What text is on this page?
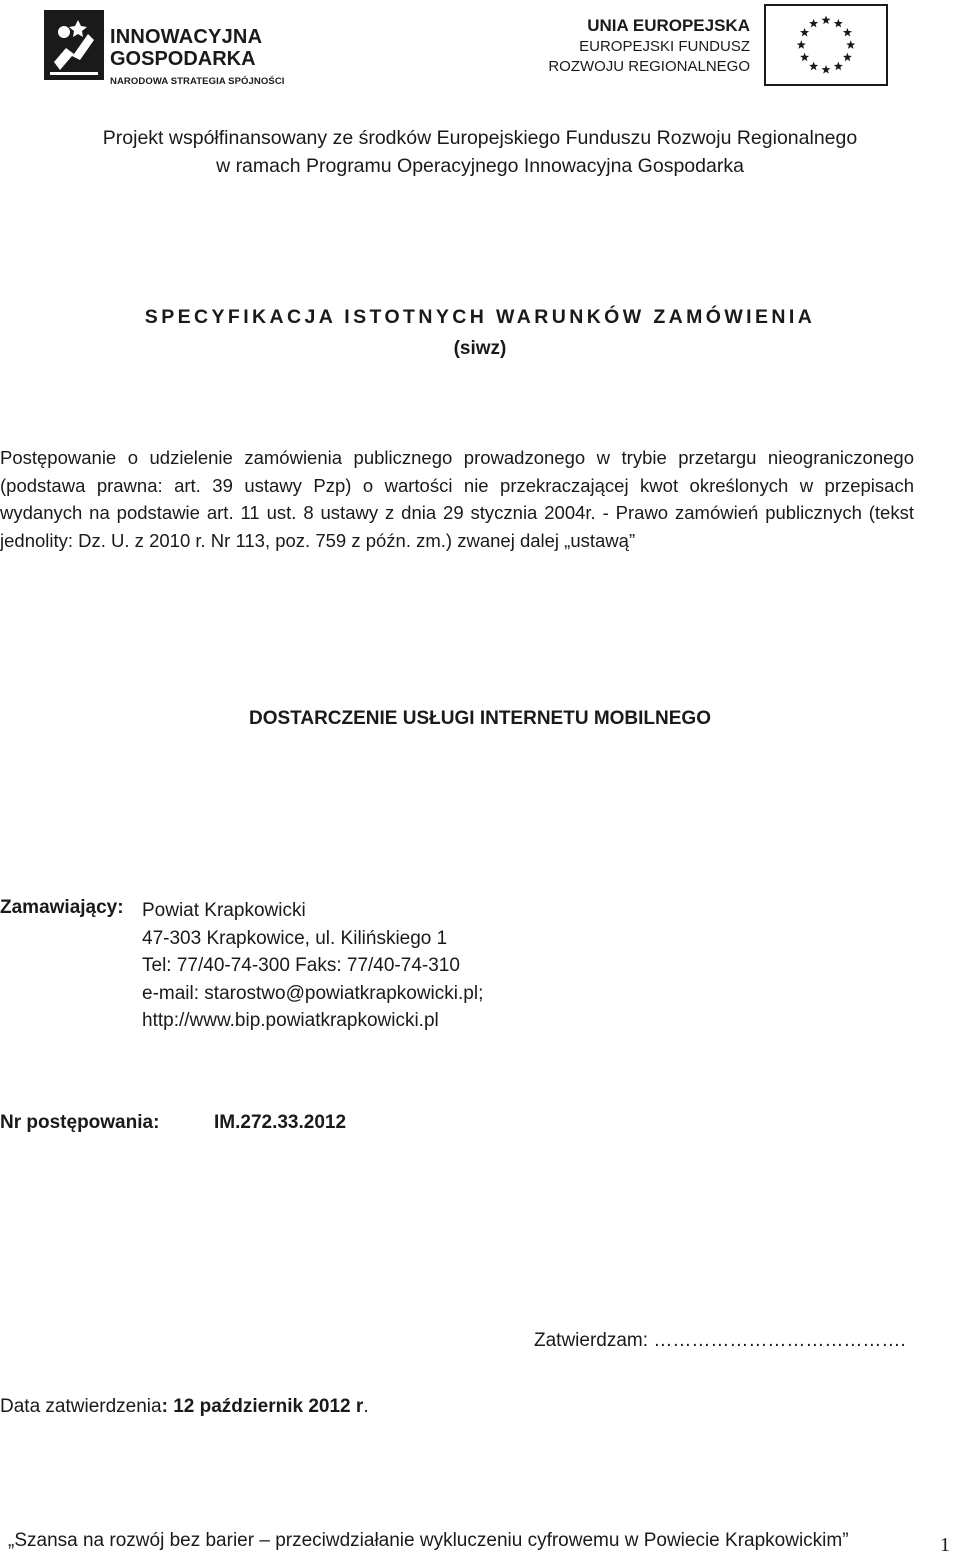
INNOWACYJNA
GOSPODARKA
NARODOWA STRATEGIA SPÓJNOŚCI
UNIA EUROPEJSKA
EUROPEJSKI FUNDUSZ
ROZWOJU REGIONALNEGO
Projekt współfinansowany ze środków Europejskiego Funduszu Rozwoju Regionalnego
w ramach Programu Operacyjnego Innowacyjna Gospodarka
SPECYFIKACJA ISTOTNYCH WARUNKÓW ZAMÓWIENIA
(siwz)
Postępowanie o udzielenie zamówienia publicznego prowadzonego w trybie przetargu nieograniczonego (podstawa prawna: art. 39 ustawy Pzp) o wartości nie przekraczającej kwot określonych w przepisach wydanych na podstawie art. 11 ust. 8 ustawy z dnia 29 stycznia 2004r. - Prawo zamówień publicznych (tekst jednolity: Dz. U. z 2010 r. Nr 113, poz. 759 z późn. zm.) zwanej dalej „ustawą”
DOSTARCZENIE USŁUGI INTERNETU MOBILNEGO
Zamawiający: Powiat Krapkowicki
47-303 Krapkowice, ul. Kilińskiego 1
Tel: 77/40-74-300 Faks: 77/40-74-310
e-mail: starostwo@powiatkrapkowicki.pl;
http://www.bip.powiatkrapkowicki.pl
Nr postępowania:	IM.272.33.2012
Zatwierdzam: ………………………………….
Data zatwierdzenia: 12 październik 2012 r.
„Szansa na rozwój bez barier – przeciwdziałanie wykluczeniu cyfrowemu w Powiecie Krapkowickim”	1
